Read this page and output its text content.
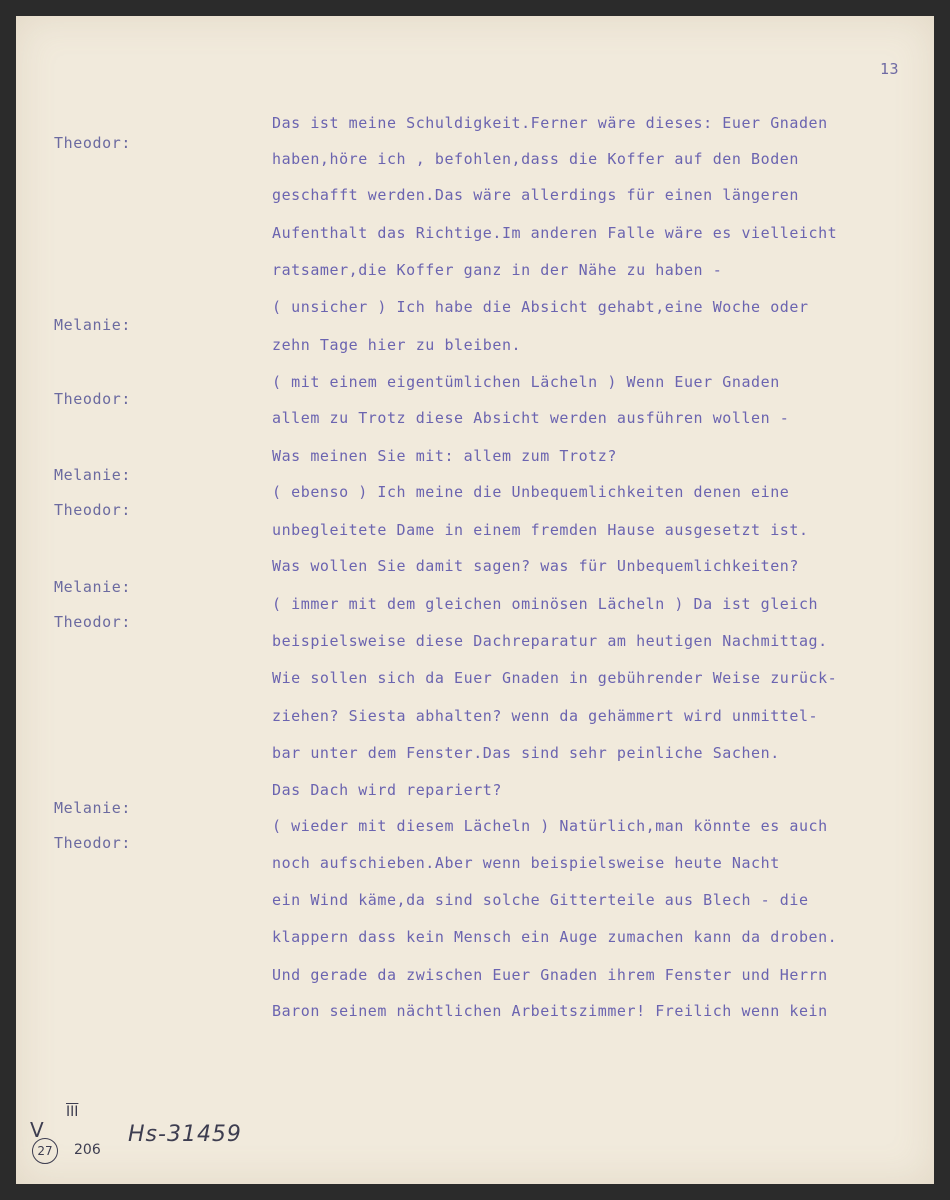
13
Theodor:
Melanie:
Theodor:
Melanie:
Theodor:
Melanie:
Theodor:
Melanie:
Theodor:
Das ist meine Schuldigkeit.Ferner wäre dieses: Euer Gnaden
haben,höre ich , befohlen,dass die Koffer auf den Boden
geschafft werden.Das wäre allerdings für einen längeren
Aufenthalt das Richtige.Im anderen Falle wäre es vielleicht
ratsamer,die Koffer ganz in der Nähe zu haben -
( unsicher ) Ich habe die Absicht gehabt,eine Woche oder
zehn Tage hier zu bleiben.
( mit einem eigentümlichen Lächeln ) Wenn Euer Gnaden
allem zu Trotz diese Absicht werden ausführen wollen -
Was meinen Sie mit: allem zum Trotz?
( ebenso ) Ich meine die Unbequemlichkeiten denen eine
unbegleitete Dame in einem fremden Hause ausgesetzt ist.
Was wollen Sie damit sagen? was für Unbequemlichkeiten?
( immer mit dem gleichen ominösen Lächeln ) Da ist gleich
beispielsweise diese Dachreparatur am heutigen Nachmittag.
Wie sollen sich da Euer Gnaden in gebührender Weise zurück-
ziehen? Siesta abhalten? wenn da gehämmert wird unmittel-
bar unter dem Fenster.Das sind sehr peinliche Sachen.
Das Dach wird repariert?
( wieder mit diesem Lächeln ) Natürlich,man könnte es auch
noch aufschieben.Aber wenn beispielsweise heute Nacht
ein Wind käme,da sind solche Gitterteile aus Blech - die
klappern dass kein Mensch ein Auge zumachen kann da droben.
Und gerade da zwischen Euer Gnaden ihrem Fenster und Herrn
Baron seinem nächtlichen Arbeitszimmer! Freilich wenn kein
V
$\overline{III}$
27	206
Hs-31459
